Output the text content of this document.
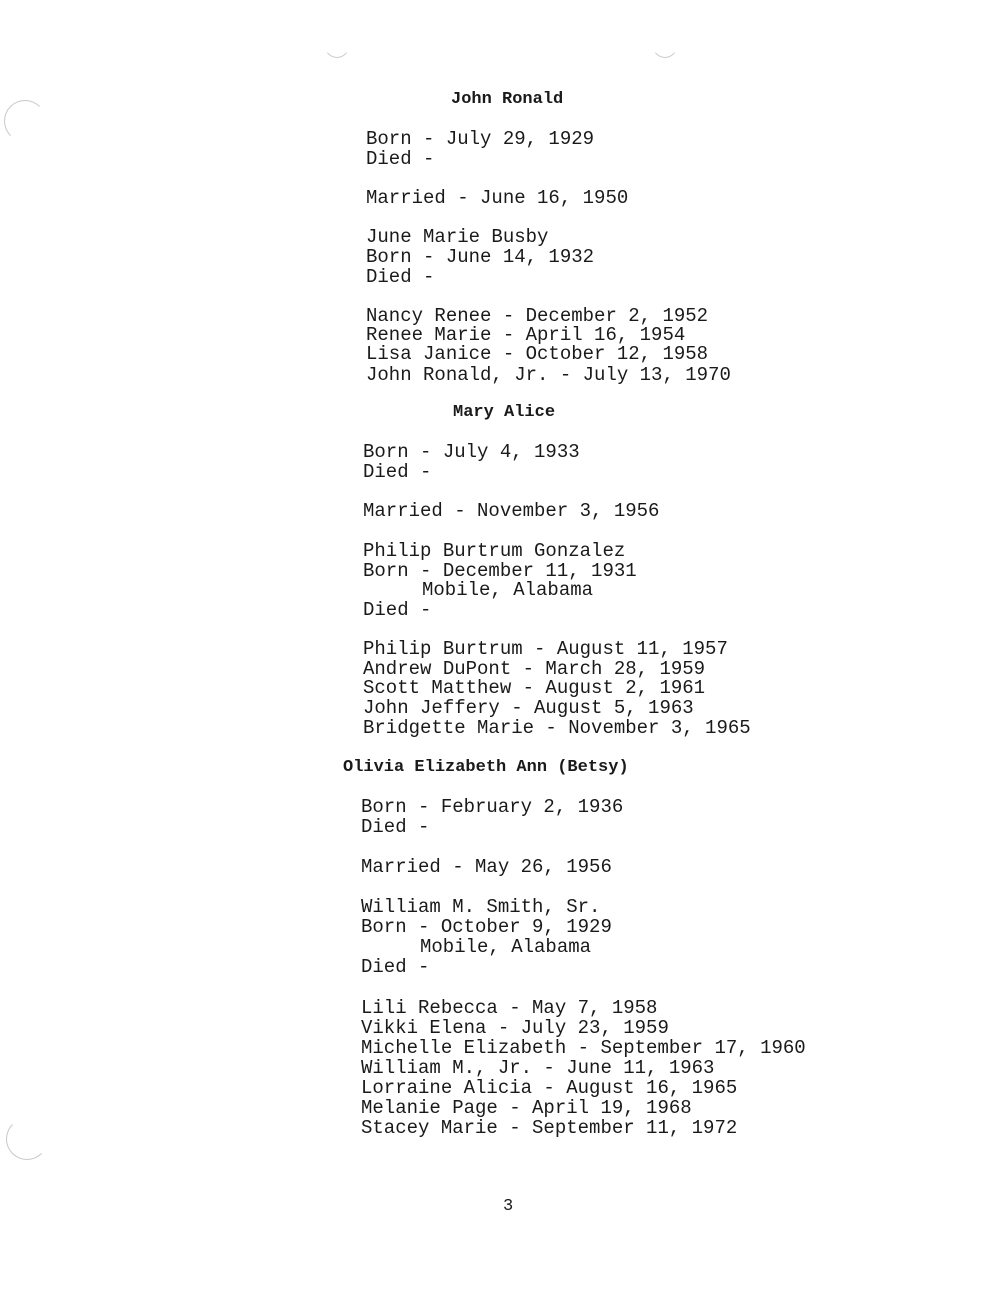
John Ronald
Born - July 29, 1929
Died -
Married - June 16, 1950
June Marie Busby
Born - June 14, 1932
Died -
Nancy Renee - December 2, 1952
Renee Marie - April 16, 1954
Lisa Janice - October 12, 1958
John Ronald, Jr. - July 13, 1970
Mary Alice
Born - July 4, 1933
Died -
Married - November 3, 1956
Philip Burtrum Gonzalez
Born - December 11, 1931
Mobile, Alabama
Died -
Philip Burtrum - August 11, 1957
Andrew DuPont - March 28, 1959
Scott Matthew - August 2, 1961
John Jeffery - August 5, 1963
Bridgette Marie - November 3, 1965
Olivia Elizabeth Ann (Betsy)
Born - February 2, 1936
Died -
Married - May 26, 1956
William M. Smith, Sr.
Born - October 9, 1929
Mobile, Alabama
Died -
Lili Rebecca - May 7, 1958
Vikki Elena - July 23, 1959
Michelle Elizabeth - September 17, 1960
William M., Jr. - June 11, 1963
Lorraine Alicia - August 16, 1965
Melanie Page - April 19, 1968
Stacey Marie - September 11, 1972
3
